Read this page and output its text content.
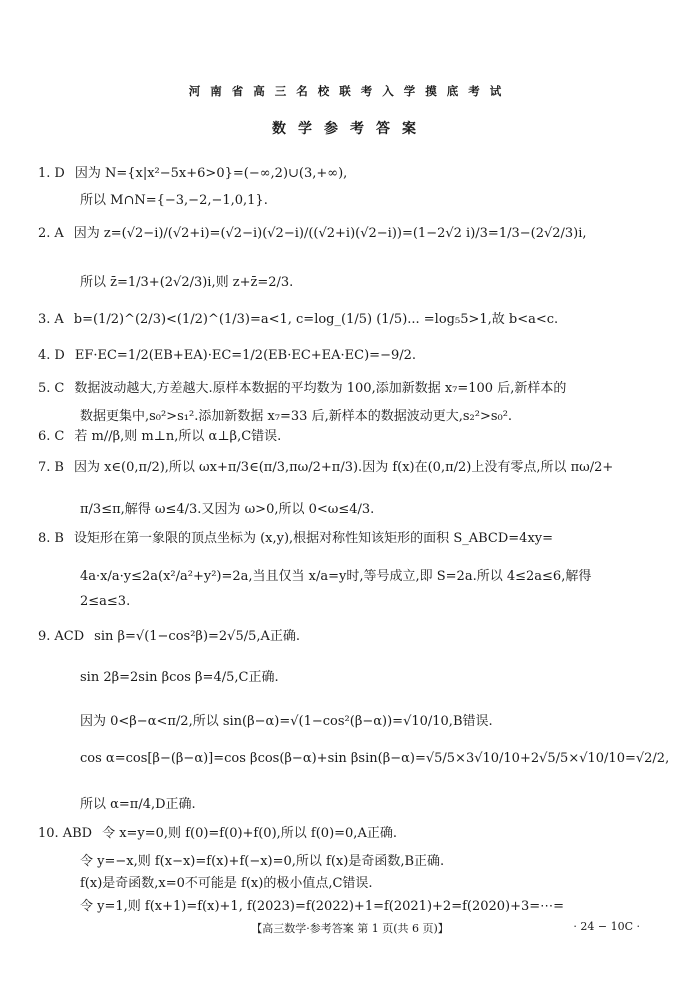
河南省高三名校联考入学摸底考试
数学参考答案
1. D 因为 N={x|x²−5x+6>0}=(−∞,2)∪(3,+∞),
所以 M∩N={−3,−2,−1,0,1}.
2. A 因为 z=(√2−i)/(√2+i)=(√2−i)(√2−i)/((√2+i)(√2−i))=(1−2√2 i)/3=1/3−(2√2/3)i,
所以 z̄=1/3+(2√2/3)i,则 z+z̄=2/3.
3. A b=(1/2)^(2/3)<(1/2)^(1/3)=a<1, c=log_(1/5) (1/5)... =log₅5>1,故 b<a<c.
4. D EF·EC=1/2(EB+EA)·EC=1/2(EB·EC+EA·EC)=−9/2.
5. C 数据波动越大,方差越大.原样本数据的平均数为 100,添加新数据 x₇=100 后,新样本的
数据更集中,s₀²>s₁².添加新数据 x₇=33 后,新样本的数据波动更大,s₂²>s₀².
6. C 若 m//β,则 m⊥n,所以 α⊥β,C错误.
7. B 因为 x∈(0,π/2),所以 ωx+π/3∈(π/3,πω/2+π/3).因为 f(x)在(0,π/2)上没有零点,所以 πω/2+
π/3≤π,解得 ω≤4/3.又因为 ω>0,所以 0<ω≤4/3.
8. B 设矩形在第一象限的顶点坐标为 (x,y),根据对称性知该矩形的面积 S_ABCD=4xy=
4a·x/a·y≤2a(x²/a²+y²)=2a,当且仅当 x/a=y时,等号成立,即 S=2a.所以 4≤2a≤6,解得
2≤a≤3.
9. ACD sin β=√(1−cos²β)=2√5/5,A正确.
sin 2β=2sin βcos β=4/5,C正确.
因为 0<β−α<π/2,所以 sin(β−α)=√(1−cos²(β−α))=√10/10,B错误.
cos α=cos[β−(β−α)]=cos βcos(β−α)+sin βsin(β−α)=√5/5×3√10/10+2√5/5×√10/10=√2/2,
所以 α=π/4,D正确.
10. ABD 令 x=y=0,则 f(0)=f(0)+f(0),所以 f(0)=0,A正确.
令 y=−x,则 f(x−x)=f(x)+f(−x)=0,所以 f(x)是奇函数,B正确.
f(x)是奇函数,x=0不可能是 f(x)的极小值点,C错误.
令 y=1,则 f(x+1)=f(x)+1, f(2023)=f(2022)+1=f(2021)+2=f(2020)+3=⋯=
【高三数学·参考答案 第 1 页(共 6 页)】	· 24 − 10C ·
